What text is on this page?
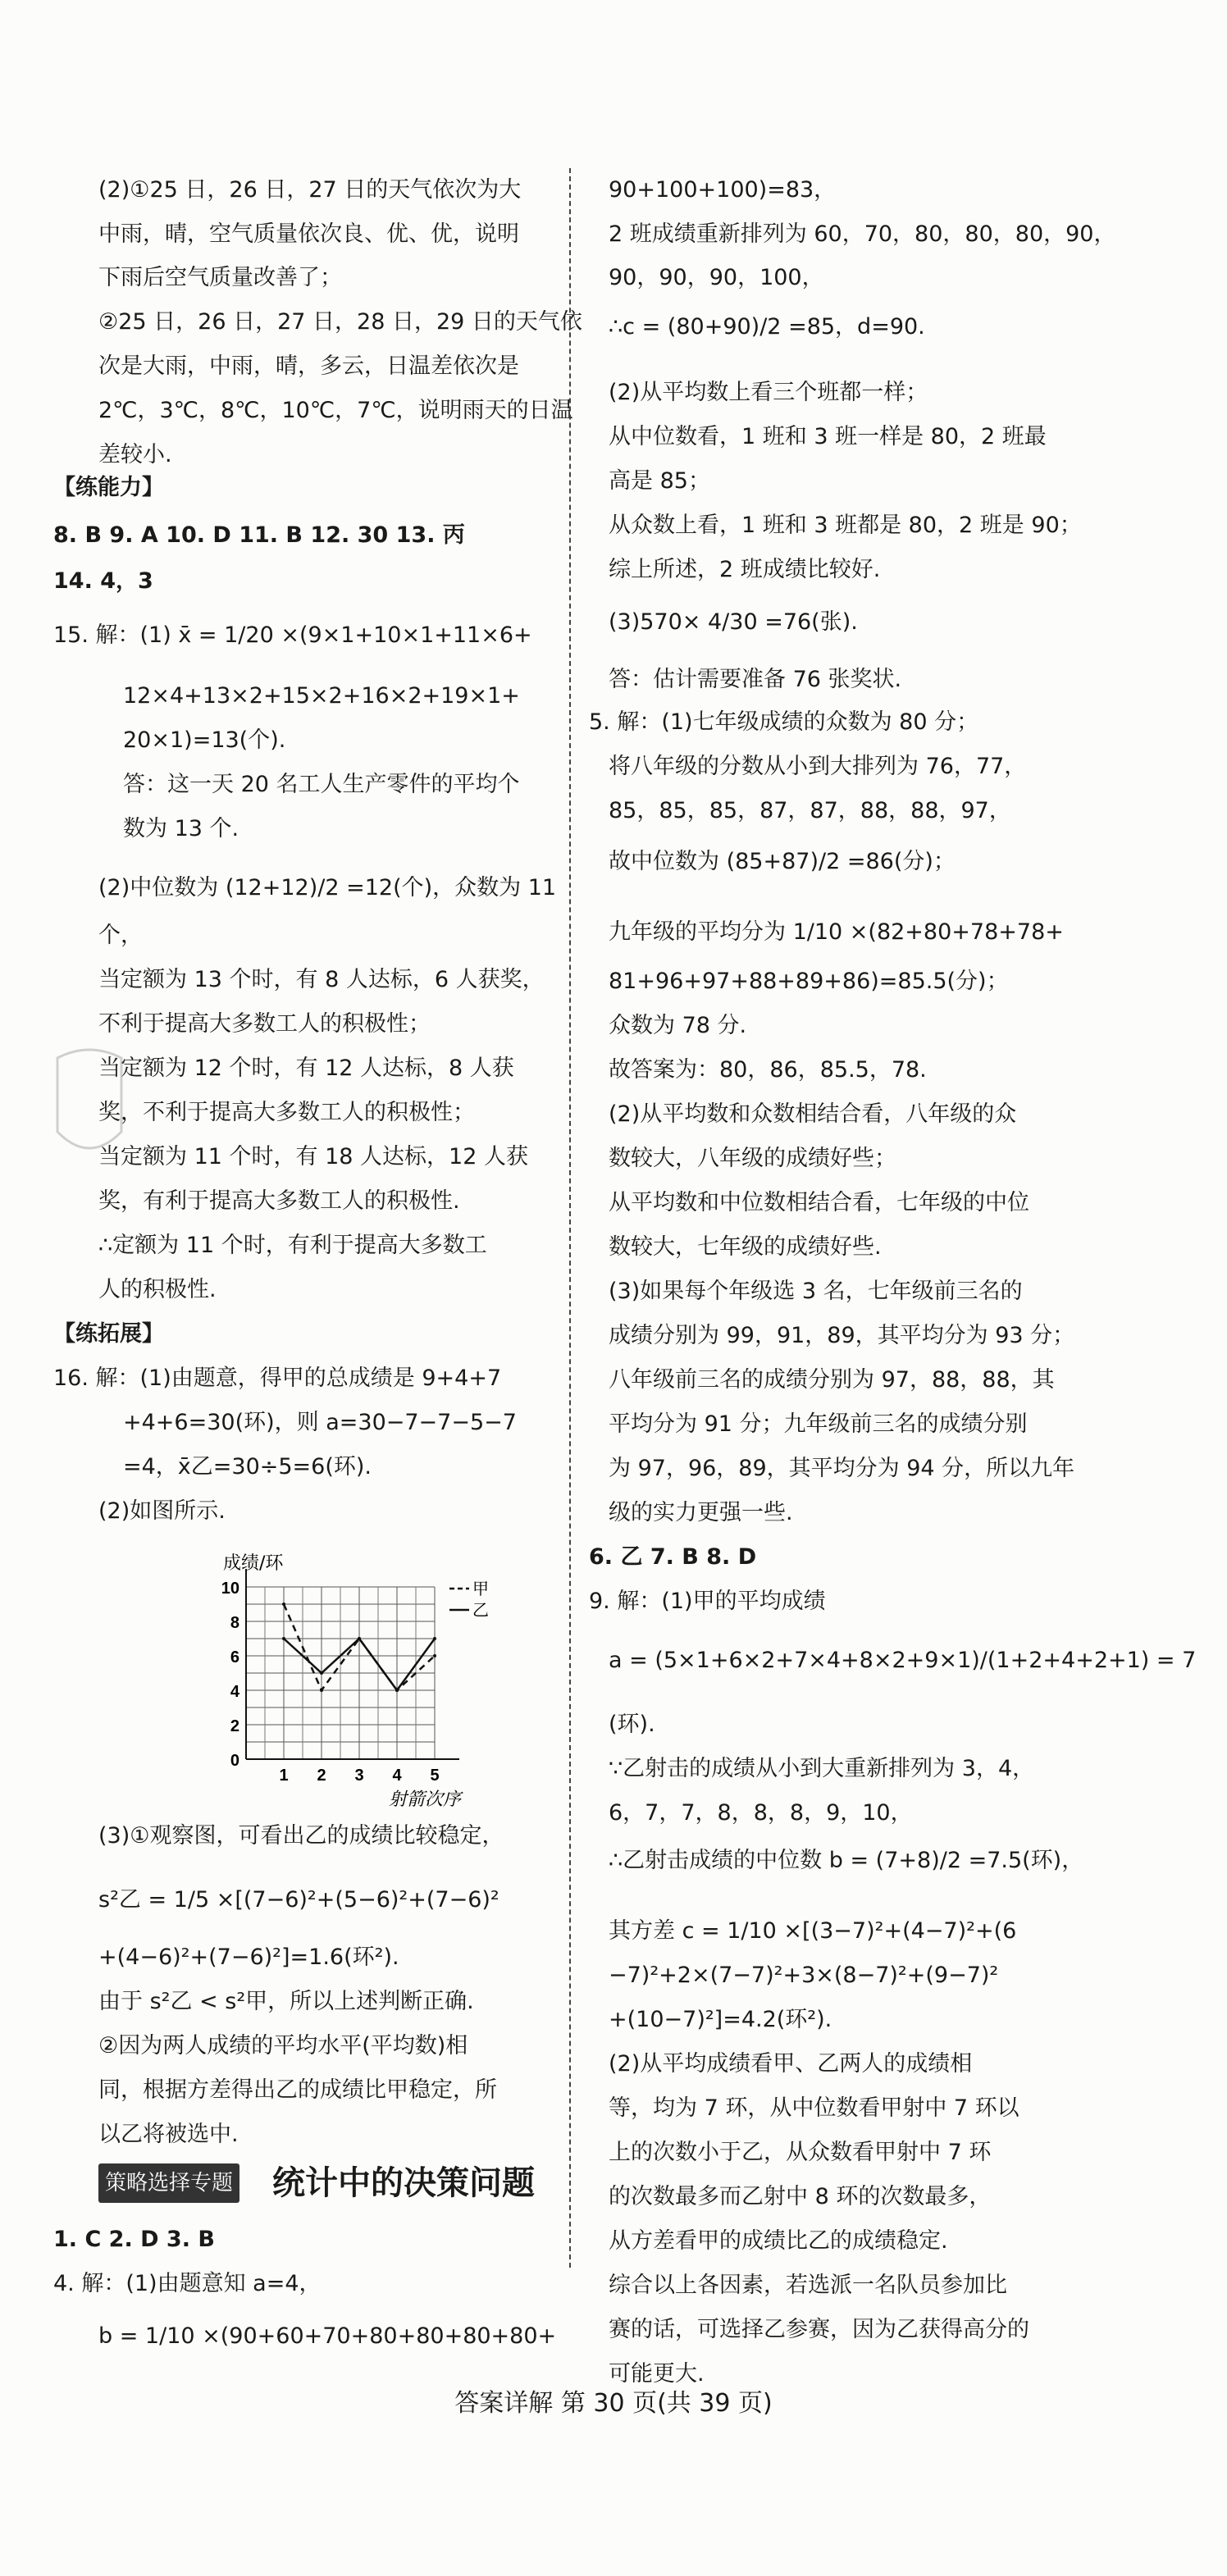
(2)①25 日，26 日，27 日的天气依次为大
中雨，晴，空气质量依次良、优、优，说明
下雨后空气质量改善了；
②25 日，26 日，27 日，28 日，29 日的天气依
次是大雨，中雨，晴，多云，日温差依次是
2℃，3℃，8℃，10℃，7℃，说明雨天的日温
差较小.
【练能力】
8. B 9. A 10. D 11. B 12. 30 13. 丙
14. 4，3
15. 解：(1) x̄ = 1/20 ×(9×1+10×1+11×6+
12×4+13×2+15×2+16×2+19×1+
20×1)=13(个).
答：这一天 20 名工人生产零件的平均个
数为 13 个.
(2)中位数为 (12+12)/2 =12(个)，众数为 11
个，
当定额为 13 个时，有 8 人达标，6 人获奖，
不利于提高大多数工人的积极性；
当定额为 12 个时，有 12 人达标，8 人获
奖，不利于提高大多数工人的积极性；
当定额为 11 个时，有 18 人达标，12 人获
奖，有利于提高大多数工人的积极性.
∴定额为 11 个时，有利于提高大多数工
人的积极性.
【练拓展】
16. 解：(1)由题意，得甲的总成绩是 9+4+7
+4+6=30(环)，则 a=30−7−7−5−7
=4，x̄乙=30÷5=6(环).
(2)如图所示.
(3)①观察图，可看出乙的成绩比较稳定，
s²乙 = 1/5 ×[(7−6)²+(5−6)²+(7−6)²
+(4−6)²+(7−6)²]=1.6(环²).
由于 s²乙 < s²甲，所以上述判断正确.
②因为两人成绩的平均水平(平均数)相
同，根据方差得出乙的成绩比甲稳定，所
以乙将被选中.
1. C 2. D 3. B
4. 解：(1)由题意知 a=4，
b = 1/10 ×(90+60+70+80+80+80+80+
90+100+100)=83，
2 班成绩重新排列为 60，70，80，80，80，90，
90，90，90，100，
∴c = (80+90)/2 =85，d=90.
(2)从平均数上看三个班都一样；
从中位数看，1 班和 3 班一样是 80，2 班最
高是 85；
从众数上看，1 班和 3 班都是 80，2 班是 90；
综上所述，2 班成绩比较好.
(3)570× 4/30 =76(张).
答：估计需要准备 76 张奖状.
5. 解：(1)七年级成绩的众数为 80 分；
将八年级的分数从小到大排列为 76，77，
85，85，85，87，87，88，88，97，
故中位数为 (85+87)/2 =86(分)；
九年级的平均分为 1/10 ×(82+80+78+78+
81+96+97+88+89+86)=85.5(分)；
众数为 78 分.
故答案为：80，86，85.5，78.
(2)从平均数和众数相结合看，八年级的众
数较大，八年级的成绩好些；
从平均数和中位数相结合看，七年级的中位
数较大，七年级的成绩好些.
(3)如果每个年级选 3 名，七年级前三名的
成绩分别为 99，91，89，其平均分为 93 分；
八年级前三名的成绩分别为 97，88，88，其
平均分为 91 分；九年级前三名的成绩分别
为 97，96，89，其平均分为 94 分，所以九年
级的实力更强一些.
6. 乙 7. B 8. D
9. 解：(1)甲的平均成绩
a = (5×1+6×2+7×4+8×2+9×1)/(1+2+4+2+1) = 7
(环).
∵乙射击的成绩从小到大重新排列为 3，4，
6，7，7，8，8，8，9，10，
∴乙射击成绩的中位数 b = (7+8)/2 =7.5(环)，
其方差 c = 1/10 ×[(3−7)²+(4−7)²+(6
−7)²+2×(7−7)²+3×(8−7)²+(9−7)²
+(10−7)²]=4.2(环²).
(2)从平均成绩看甲、乙两人的成绩相
等，均为 7 环，从中位数看甲射中 7 环以
上的次数小于乙，从众数看甲射中 7 环
的次数最多而乙射中 8 环的次数最多，
从方差看甲的成绩比乙的成绩稳定.
综合以上各因素，若选派一名队员参加比
赛的话，可选择乙参赛，因为乙获得高分的
可能更大.
策略选择专题 统计中的决策问题
0
2
4
6
8
10
1 2 3 4 5
成绩/环
射箭次序
甲
乙
答案详解 第 30 页(共 39 页)
